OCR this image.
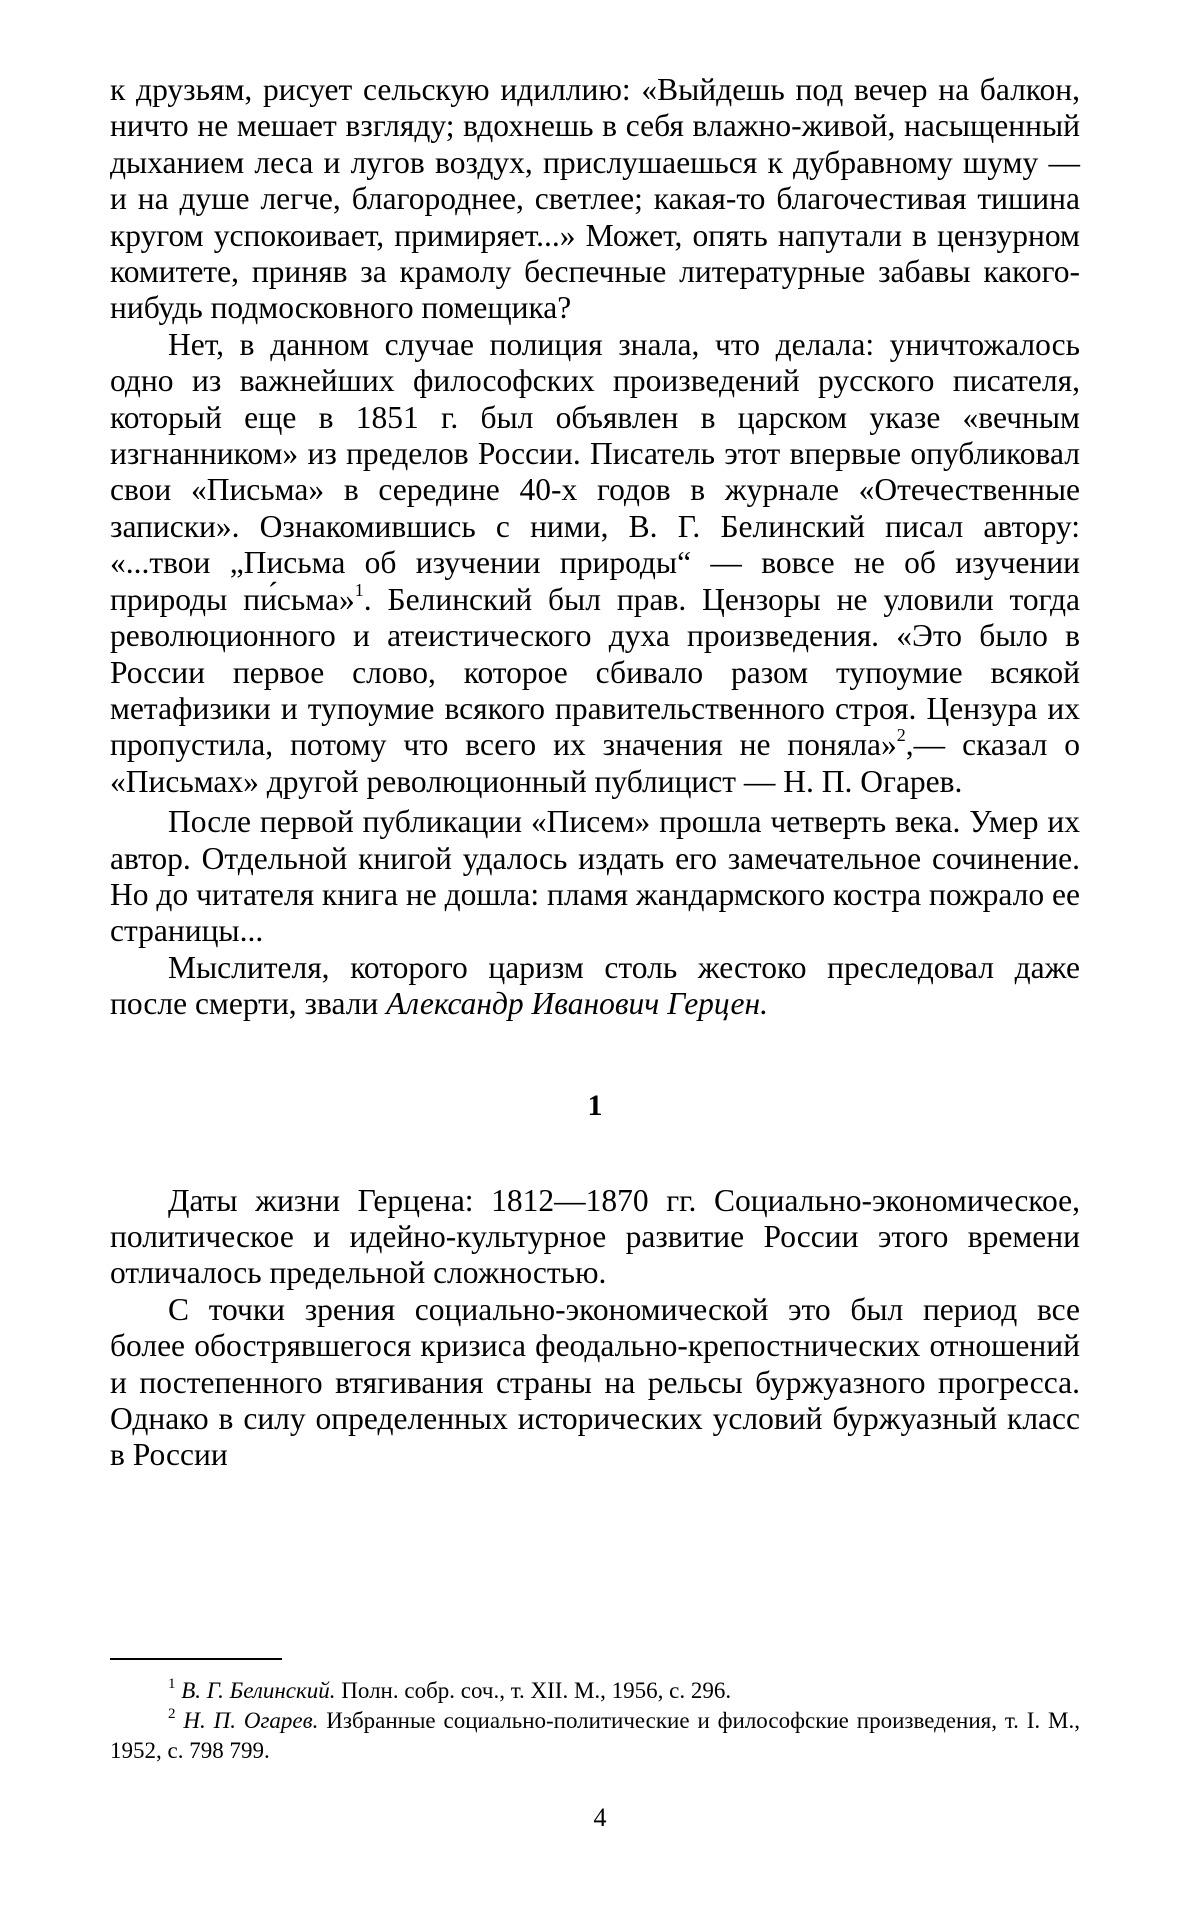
к друзьям, рисует сельскую идиллию: «Выйдешь под вечер на балкон, ничто не мешает взгляду; вдохнешь в себя влажно-живой, насыщенный дыханием леса и лугов воздух, прислушаешься к дубравному шуму — и на душе легче, благороднее, светлее; какая-то благочестивая тишина кругом успокоивает, примиряет...» Может, опять напутали в цензурном комитете, приняв за крамолу беспечные литературные забавы какого-нибудь подмосковного помещика?

Нет, в данном случае полиция знала, что делала: уничтожалось одно из важнейших философских произведений русского писателя, который еще в 1851 г. был объявлен в царском указе «вечным изгнанником» из пределов России. Писатель этот впервые опубликовал свои «Письма» в середине 40-х годов в журнале «Отечественные записки». Ознакомившись с ними, В. Г. Белинский писал автору: «...твои „Письма об изучении природы“ — вовсе не об изучении природы пи́сьма»$^1$. Белинский был прав. Цензоры не уловили тогда революционного и атеистического духа произведения. «Это было в России первое слово, которое сбивало разом тупоумие всякой метафизики и тупоумие всякого правительственного строя. Цензура их пропустила, потому что всего их значения не поняла»$^2$,— сказал о «Письмах» другой революционный публицист — Н. П. Огарев.

После первой публикации «Писем» прошла четверть века. Умер их автор. Отдельной книгой удалось издать его замечательное сочинение. Но до читателя книга не дошла: пламя жандармского костра пожрало ее страницы...

Мыслителя, которого царизм столь жестоко преследовал даже после смерти, звали Александр Иванович Герцен.

1

Даты жизни Герцена: 1812—1870 гг. Социально-экономическое, политическое и идейно-культурное развитие России этого времени отличалось предельной сложностью.

С точки зрения социально-экономической это был период все более обострявшегося кризиса феодально-крепостнических отношений и постепенного втягивания страны на рельсы буржуазного прогресса. Однако в силу определенных исторических условий буржуазный класс в России

$^1$ В. Г. Белинский. Полн. собр. соч., т. XII. М., 1956, с. 296.

$^2$ Н. П. Огарев. Избранные социально-политические и философские произведения, т. I. М., 1952, с. 798 799.

4
